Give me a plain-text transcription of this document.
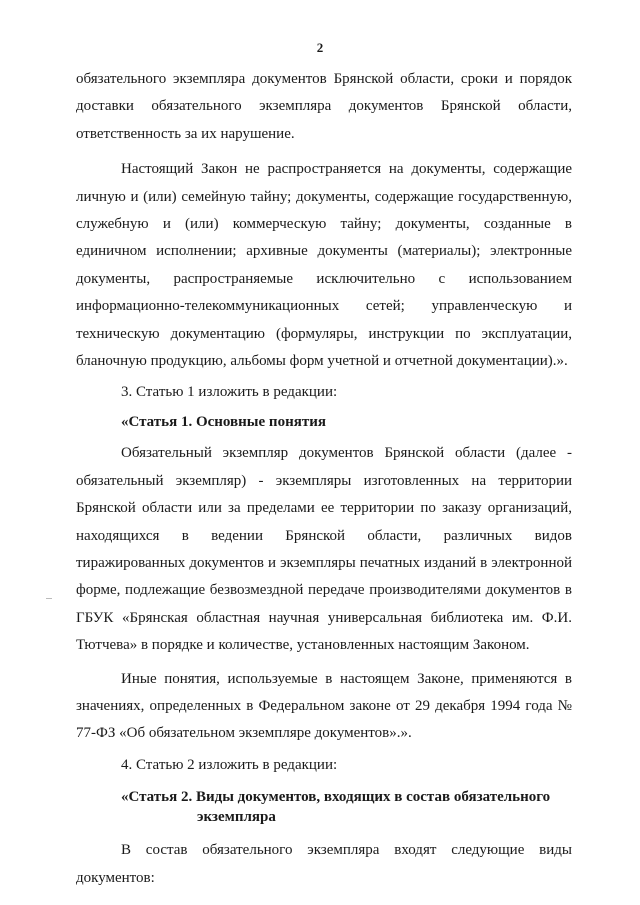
2

обязательного экземпляра документов Брянской области, сроки и порядок доставки обязательного экземпляра документов Брянской области, ответственность за их нарушение.

Настоящий Закон не распространяется на документы, содержащие личную и (или) семейную тайну; документы, содержащие государственную, служебную и (или) коммерческую тайну; документы, созданные в единичном исполнении; архивные документы (материалы); электронные документы, распространяемые исключительно с использованием информационно-телекоммуникационных сетей; управленческую и техническую документацию (формуляры, инструкции по эксплуатации, бланочную продукцию, альбомы форм учетной и отчетной документации).».

3. Статью 1 изложить в редакции:

«Статья 1. Основные понятия

Обязательный экземпляр документов Брянской области (далее - обязательный экземпляр) - экземпляры изготовленных на территории Брянской области или за пределами ее территории по заказу организаций, находящихся в ведении Брянской области, различных видов тиражированных документов и экземпляры печатных изданий в электронной форме, подлежащие безвозмездной передаче производителями документов в ГБУК «Брянская областная научная универсальная библиотека им. Ф.И. Тютчева» в порядке и количестве, установленных настоящим Законом.

Иные понятия, используемые в настоящем Законе, применяются в значениях, определенных в Федеральном законе от 29 декабря 1994 года № 77-ФЗ «Об обязательном экземпляре документов».».

4. Статью 2 изложить в редакции:

«Статья 2.
Виды документов, входящих в состав обязательного
экземпляра

В состав обязательного экземпляра входят следующие виды документов:
